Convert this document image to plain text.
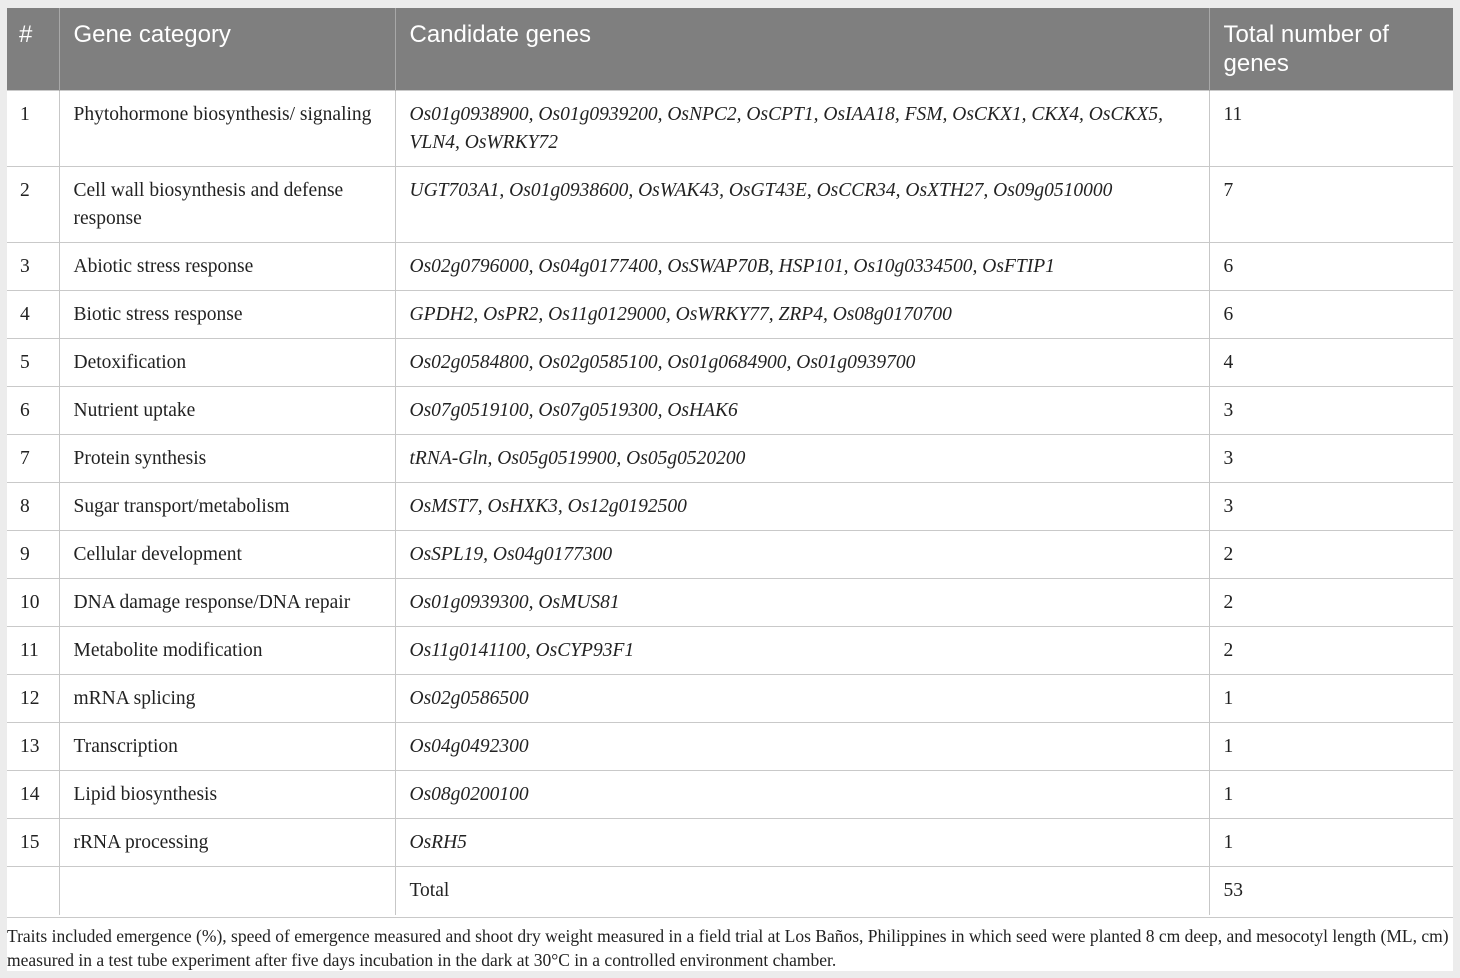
#	Gene category	Candidate genes	Total number of genes
1	Phytohormone biosynthesis/ signaling	Os01g0938900, Os01g0939200, OsNPC2, OsCPT1, OsIAA18, FSM, OsCKX1, CKX4, OsCKX5, VLN4, OsWRKY72	11
2	Cell wall biosynthesis and defense response	UGT703A1, Os01g0938600, OsWAK43, OsGT43E, OsCCR34, OsXTH27, Os09g0510000	7
3	Abiotic stress response	Os02g0796000, Os04g0177400, OsSWAP70B, HSP101, Os10g0334500, OsFTIP1	6
4	Biotic stress response	GPDH2, OsPR2, Os11g0129000, OsWRKY77, ZRP4, Os08g0170700	6
5	Detoxification	Os02g0584800, Os02g0585100, Os01g0684900, Os01g0939700	4
6	Nutrient uptake	Os07g0519100, Os07g0519300, OsHAK6	3
7	Protein synthesis	tRNA-Gln, Os05g0519900, Os05g0520200	3
8	Sugar transport/metabolism	OsMST7, OsHXK3, Os12g0192500	3
9	Cellular development	OsSPL19, Os04g0177300	2
10	DNA damage response/DNA repair	Os01g0939300, OsMUS81	2
11	Metabolite modification	Os11g0141100, OsCYP93F1	2
12	mRNA splicing	Os02g0586500	1
13	Transcription	Os04g0492300	1
14	Lipid biosynthesis	Os08g0200100	1
15	rRNA processing	OsRH5	1
		Total	53
Traits included emergence (%), speed of emergence measured and shoot dry weight measured in a field trial at Los Baños, Philippines in which seed were planted 8 cm deep, and mesocotyl length (ML, cm) measured in a test tube experiment after five days incubation in the dark at 30°C in a controlled environment chamber.
